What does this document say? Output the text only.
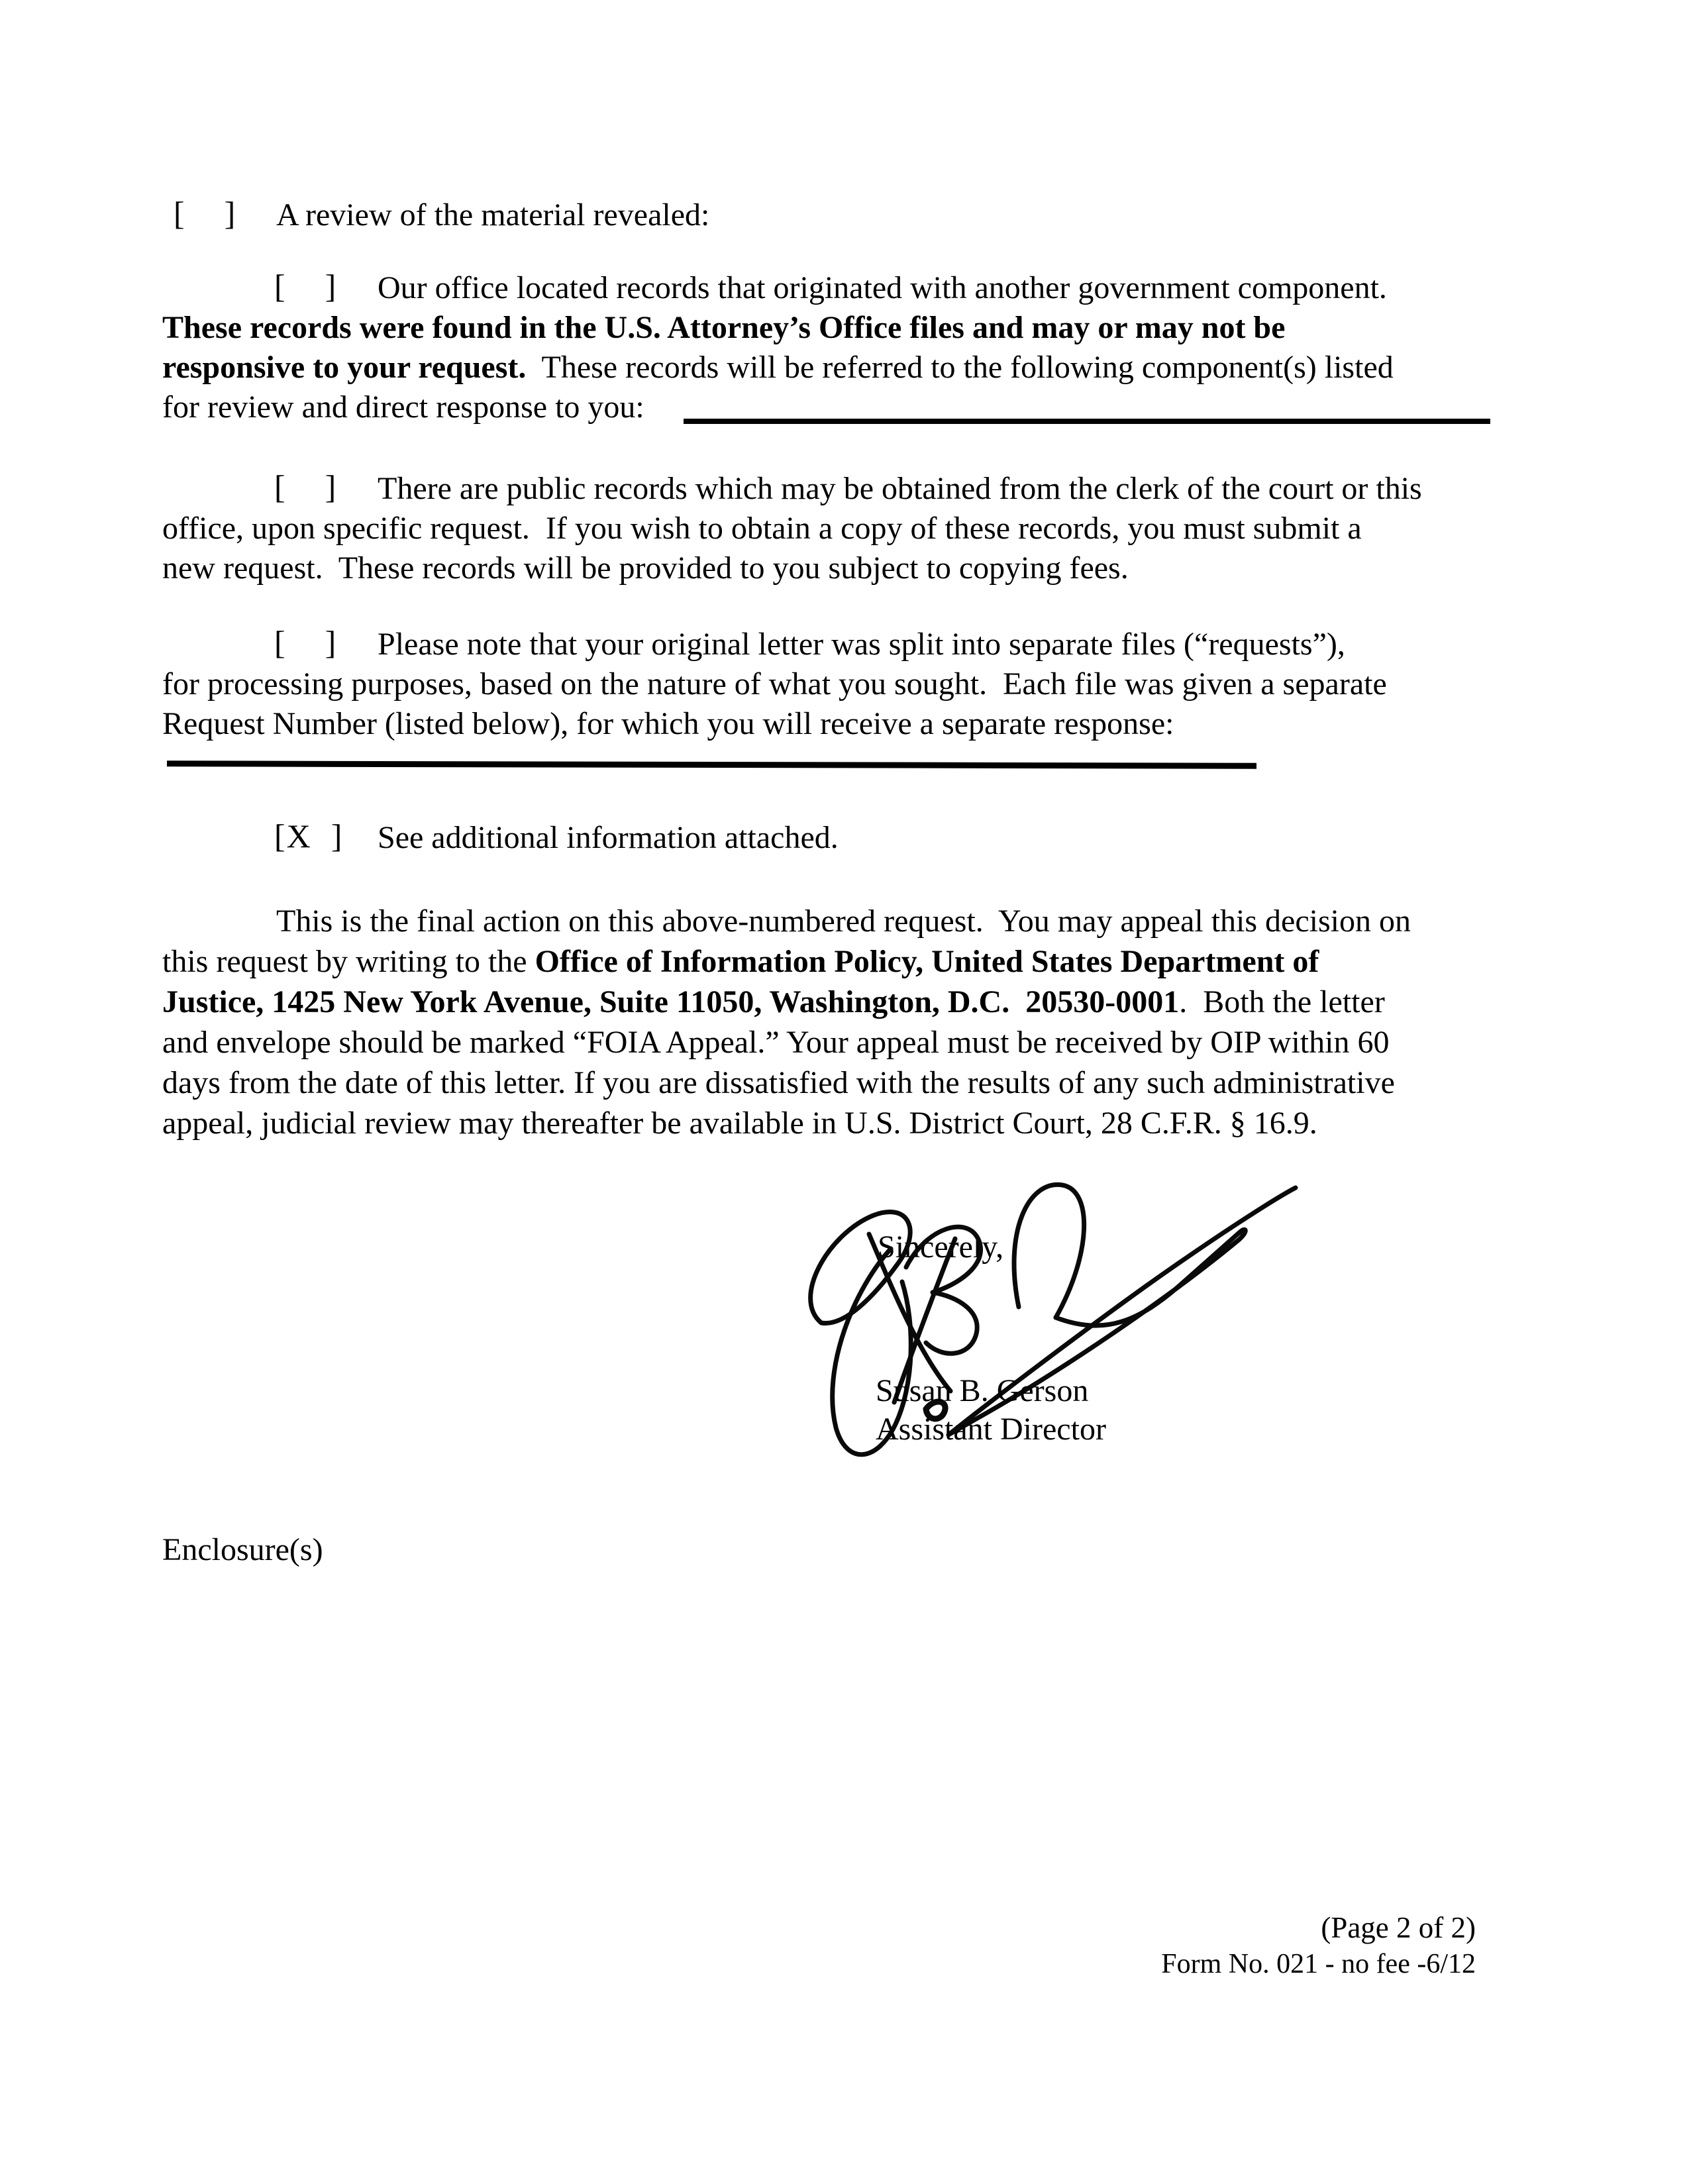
[    ] A review of the material revealed:
[    ] Our office located records that originated with another government component.
These records were found in the U.S. Attorney’s Office files and may or may not be
responsive to your request.  These records will be referred to the following component(s) listed
for review and direct response to you:
[    ] There are public records which may be obtained from the clerk of the court or this
office, upon specific request.  If you wish to obtain a copy of these records, you must submit a
new request.  These records will be provided to you subject to copying fees.
[    ] Please note that your original letter was split into separate files (“requests”),
for processing purposes, based on the nature of what you sought.  Each file was given a separate
Request Number (listed below), for which you will receive a separate response:
[X  ] See additional information attached.
This is the final action on this above-numbered request.  You may appeal this decision on
this request by writing to the Office of Information Policy, United States Department of
Justice, 1425 New York Avenue, Suite 11050, Washington, D.C.  20530-0001.  Both the letter
and envelope should be marked “FOIA Appeal.” Your appeal must be received by OIP within 60
days from the date of this letter. If you are dissatisfied with the results of any such administrative
appeal, judicial review may thereafter be available in U.S. District Court, 28 C.F.R. § 16.9.
Sincerely,
Susan B. Gerson
Assistant Director
Enclosure(s)
(Page 2 of 2)
Form No. 021 - no fee -6/12
